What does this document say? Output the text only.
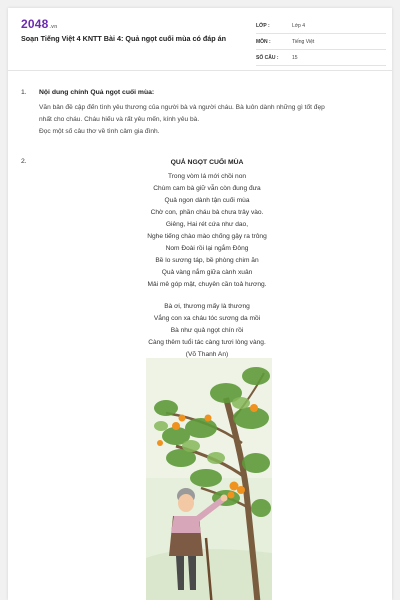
2048.vn
Soạn Tiếng Việt 4 KNTT Bài 4: Quả ngọt cuối mùa có đáp án
LỚP :	Lớp 4
MÔN :	Tiếng Việt
SỐ CÂU :	15
1. Nội dung chính Quả ngọt cuối mùa:
Văn bản đề cập đến tình yêu thương của người bà và người cháu. Bà luôn dành những gì tốt đẹp
nhất cho cháu. Cháu hiếu và rất yêu mến, kính yêu bà.
Đọc một số câu thơ về tình cảm gia đình.
2.	QUẢ NGỌT CUỐI MÙA
Trong vòm lá mới chồi non
Chùm cam bà giữ vẫn còn đung đưa
Quả ngon dành tận cuối mùa
Chờ con, phần cháu bà chưa trảy vào.
Giêng, Hai rét cứa như dao,
Nghe tiếng chào mào chống gậy ra trông
Nom Đoài rồi lại ngắm Đông
Bề lo sương táp, bề phòng chim ăn
Quả vàng nắm giữa cành xuân
Mải mê góp mật, chuyên cần toả hương.
Bà ơi, thương mấy là thương
Vắng con xa cháu tóc sương da mồi
Bà như quả ngọt chín rồi
Càng thêm tuổi tác càng tươi lòng vàng.
(Võ Thanh An)
